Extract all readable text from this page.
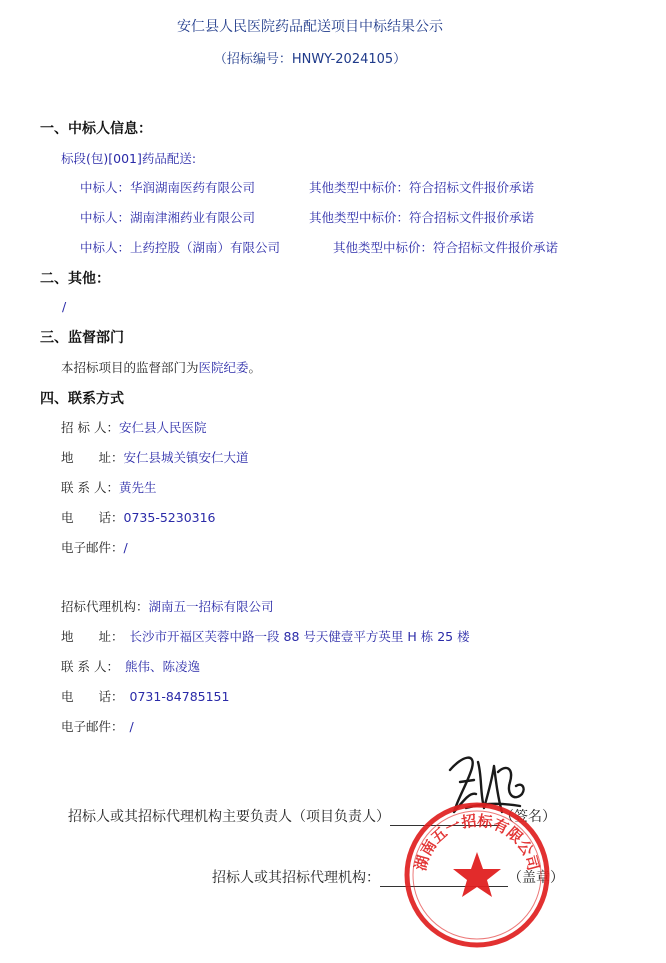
安仁县人民医院药品配送项目中标结果公示
（招标编号：HNWY-2024105）
一、中标人信息：
标段(包)[001]药品配送:
中标人：华润湖南医药有限公司	其他类型中标价：符合招标文件报价承诺
中标人：湖南津湘药业有限公司	其他类型中标价：符合招标文件报价承诺
中标人：上药控股（湖南）有限公司	其他类型中标价：符合招标文件报价承诺
二、其他：
/
三、监督部门
本招标项目的监督部门为医院纪委。
四、联系方式
招 标 人：安仁县人民医院
地　　址：安仁县城关镇安仁大道
联 系 人：黄先生
电　　话：0735-5230316
电子邮件：/
招标代理机构：湖南五一招标有限公司
地　　址： 长沙市开福区芙蓉中路一段 88 号天健壹平方英里 H 栋 25 楼
联 系 人： 熊伟、陈凌逸
电　　话： 0731-84785151
电子邮件： /
招标人或其招标代理机构主要负责人（项目负责人）	（签名）
招标人或其招标代理机构：	（盖章）
湖南五一招标有限公司
